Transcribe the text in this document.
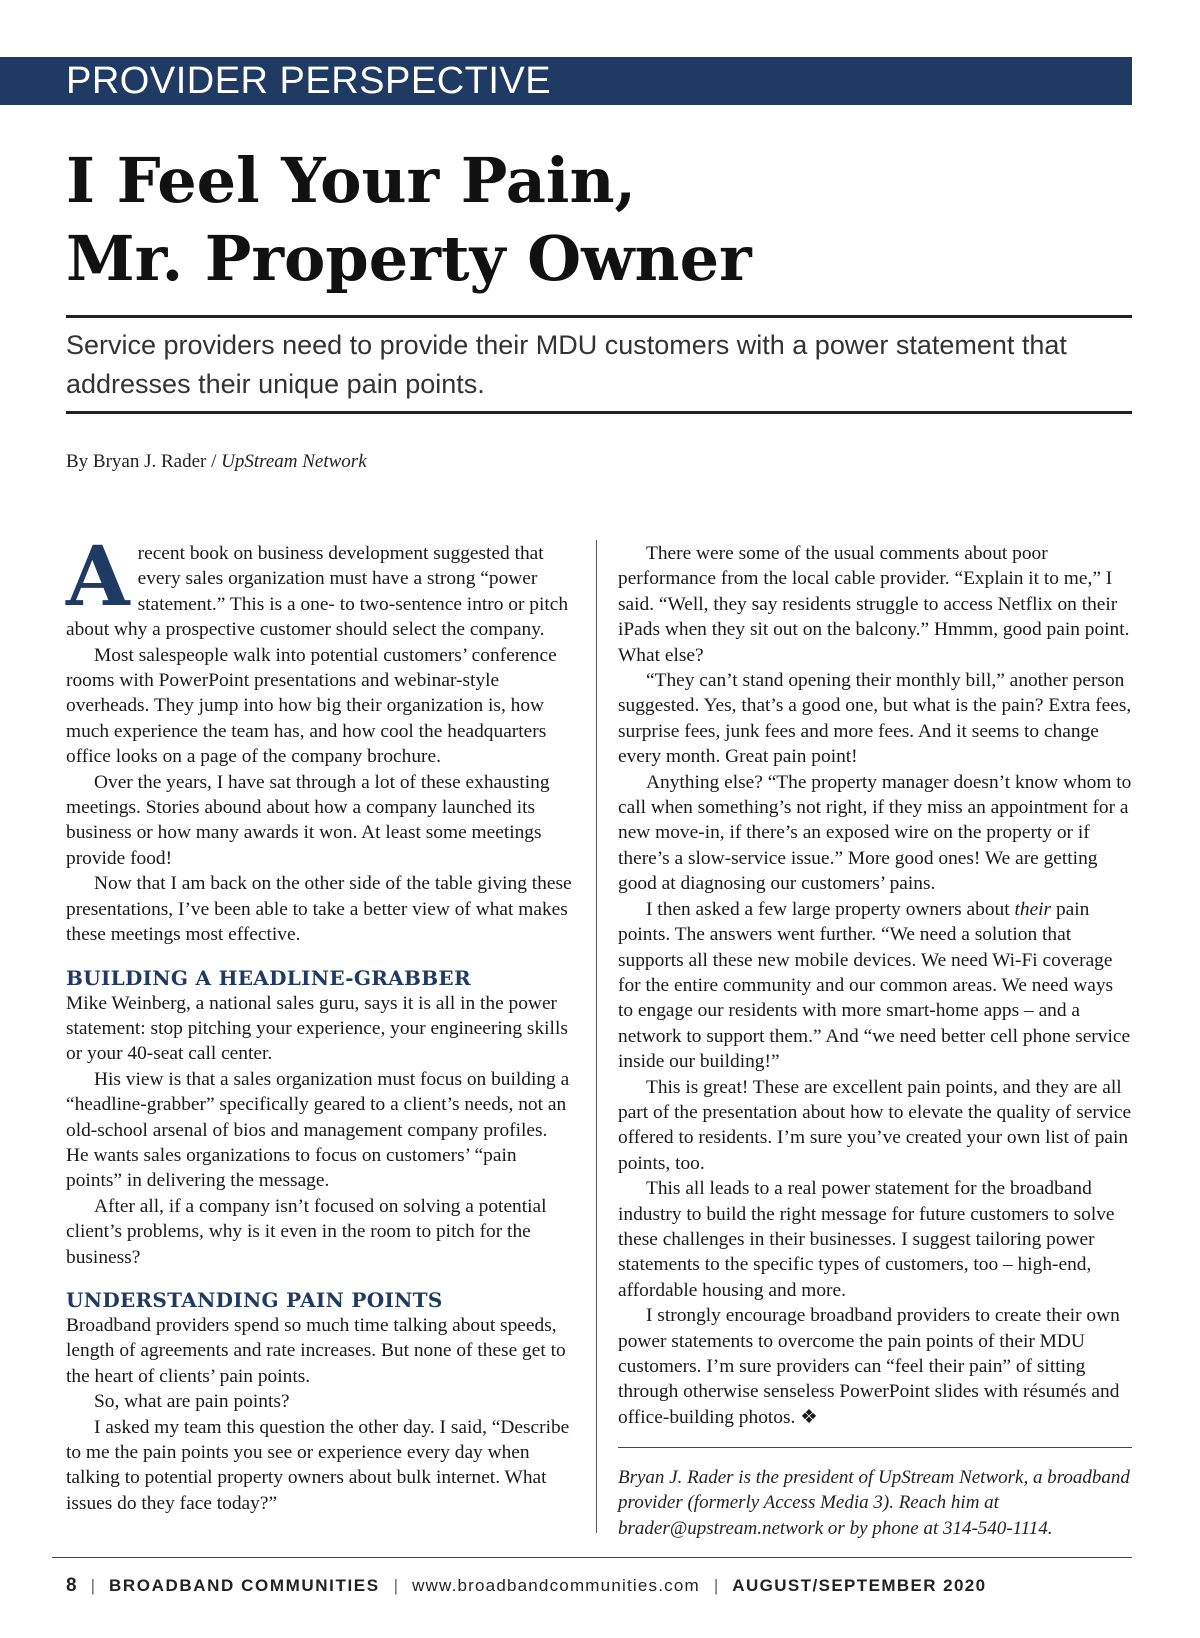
PROVIDER PERSPECTIVE
I Feel Your Pain,
Mr. Property Owner

Service providers need to provide their MDU customers with a power statement that addresses their unique pain points.

By Bryan J. Rader / UpStream Network

Arecent book on business development suggested that every sales organization must have a strong “power statement.” This is a one- to two-sentence intro or pitch about why a prospective customer should select the company.

Most salespeople walk into potential customers’ conference rooms with PowerPoint presentations and webinar-style overheads. They jump into how big their organization is, how much experience the team has, and how cool the headquarters office looks on a page of the company brochure.

Over the years, I have sat through a lot of these exhausting meetings. Stories abound about how a company launched its business or how many awards it won. At least some meetings provide food!

Now that I am back on the other side of the table giving these presentations, I’ve been able to take a better view of what makes these meetings most effective.

BUILDING A HEADLINE-GRABBER

Mike Weinberg, a national sales guru, says it is all in the power statement: stop pitching your experience, your engineering skills or your 40-seat call center.

His view is that a sales organization must focus on building a “headline-grabber” specifically geared to a client’s needs, not an old-school arsenal of bios and management company profiles. He wants sales organizations to focus on customers’ “pain points” in delivering the message.

After all, if a company isn’t focused on solving a potential client’s problems, why is it even in the room to pitch for the business?

UNDERSTANDING PAIN POINTS

Broadband providers spend so much time talking about speeds, length of agreements and rate increases. But none of these get to the heart of clients’ pain points.

So, what are pain points?

I asked my team this question the other day. I said, “Describe to me the pain points you see or experience every day when talking to potential property owners about bulk internet. What issues do they face today?”

There were some of the usual comments about poor performance from the local cable provider. “Explain it to me,” I said. “Well, they say residents struggle to access Netflix on their iPads when they sit out on the balcony.” Hmmm, good pain point. What else?

“They can’t stand opening their monthly bill,” another person suggested. Yes, that’s a good one, but what is the pain? Extra fees, surprise fees, junk fees and more fees. And it seems to change every month. Great pain point!

Anything else? “The property manager doesn’t know whom to call when something’s not right, if they miss an appointment for a new move-in, if there’s an exposed wire on the property or if there’s a slow-service issue.” More good ones! We are getting good at diagnosing our customers’ pains.

I then asked a few large property owners about their pain points. The answers went further. “We need a solution that supports all these new mobile devices. We need Wi-Fi coverage for the entire community and our common areas. We need ways to engage our residents with more smart-home apps – and a network to support them.” And “we need better cell phone service inside our building!”

This is great! These are excellent pain points, and they are all part of the presentation about how to elevate the quality of service offered to residents. I’m sure you’ve created your own list of pain points, too.

This all leads to a real power statement for the broadband industry to build the right message for future customers to solve these challenges in their businesses. I suggest tailoring power statements to the specific types of customers, too – high-end, affordable housing and more.

I strongly encourage broadband providers to create their own power statements to overcome the pain points of their MDU customers. I’m sure providers can “feel their pain” of sitting through otherwise senseless PowerPoint slides with résumés and office-building photos. ❖

Bryan J. Rader is the president of UpStream Network, a broadband provider (formerly Access Media 3). Reach him at brader@upstream.network or by phone at 314-540-1114.

8 | BROADBAND COMMUNITIES | www.broadbandcommunities.com | AUGUST/SEPTEMBER 2020
